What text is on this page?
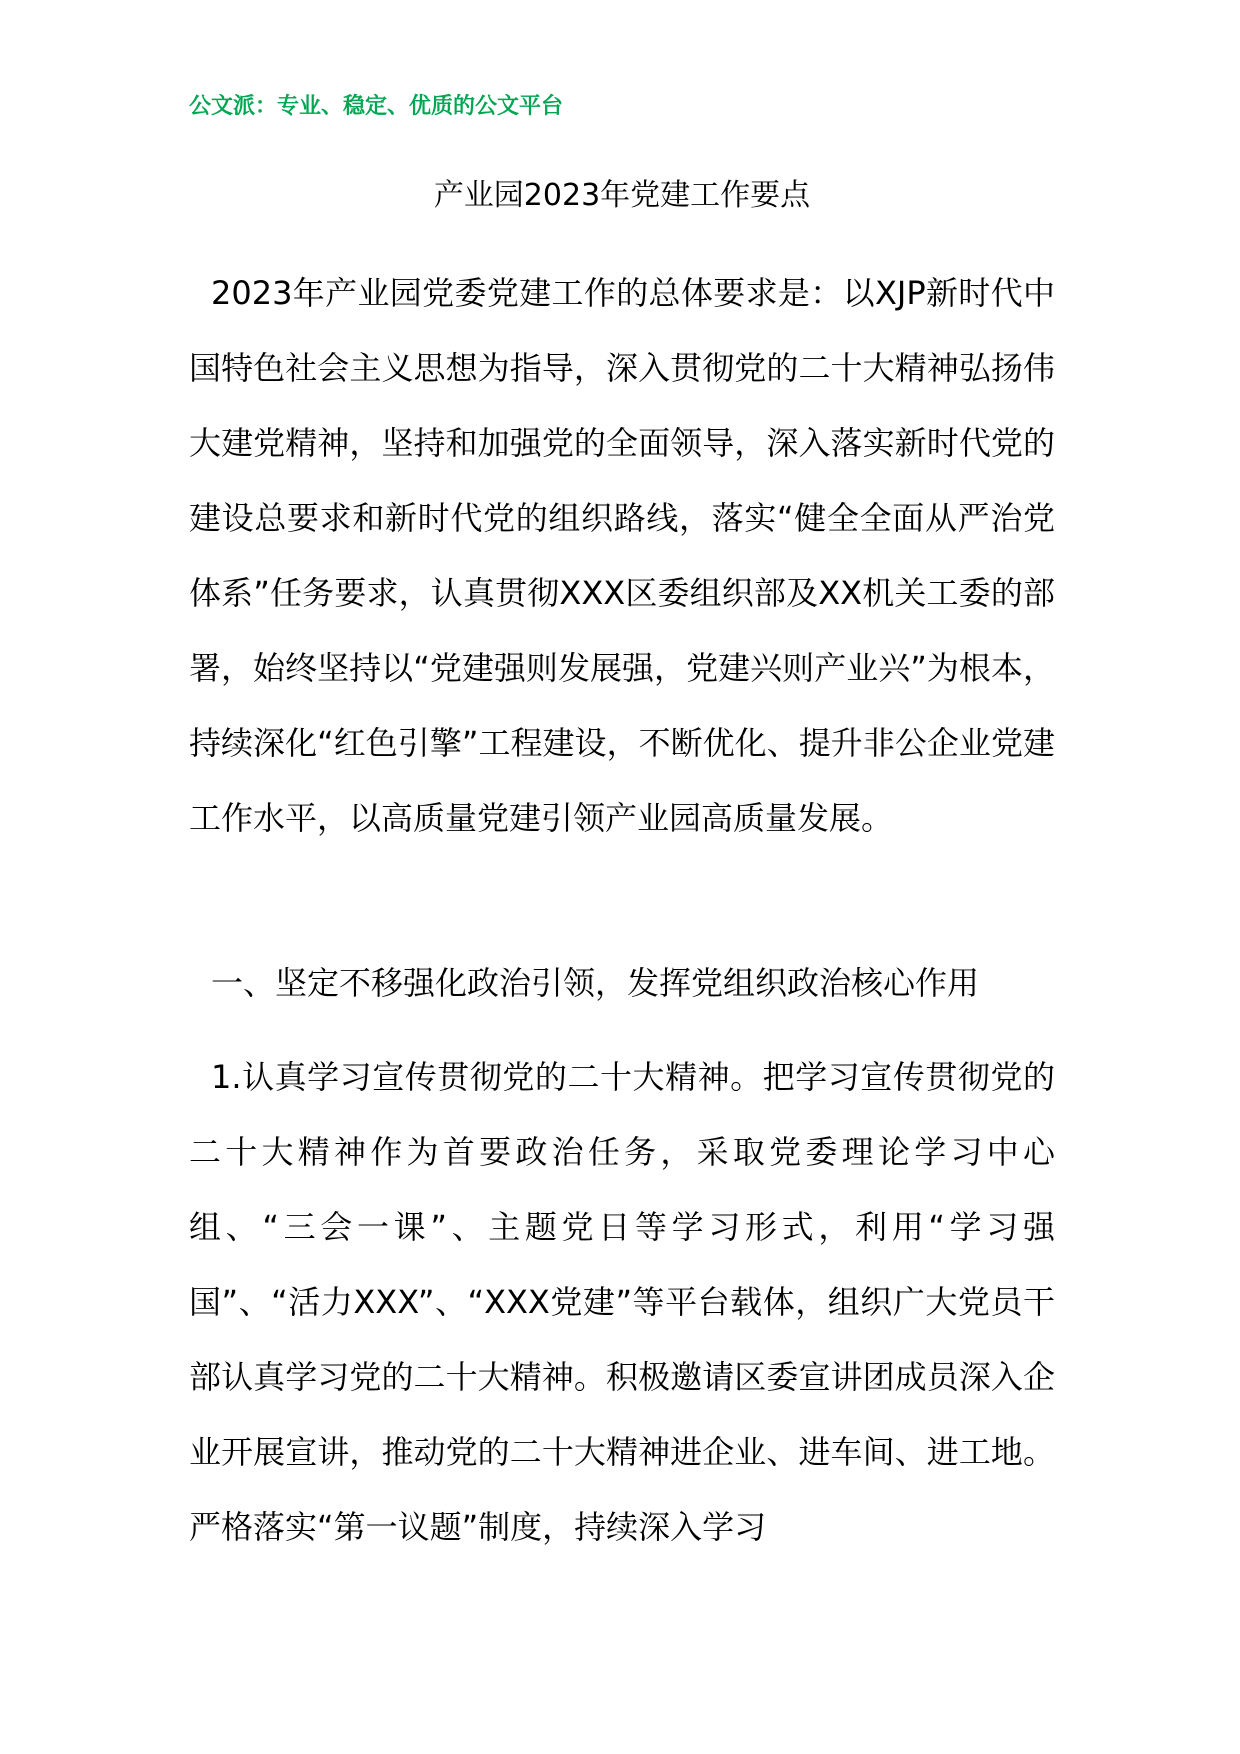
公文派：专业、稳定、优质的公文平台
产业园2023年党建工作要点
2023年产业园党委党建工作的总体要求是：以XJP新时代中国特色社会主义思想为指导，深入贯彻党的二十大精神弘扬伟大建党精神，坚持和加强党的全面领导，深入落实新时代党的建设总要求和新时代党的组织路线，落实“健全全面从严治党体系”任务要求，认真贯彻XXX区委组织部及XX机关工委的部署，始终坚持以“党建强则发展强，党建兴则产业兴”为根本，持续深化“红色引擎”工程建设，不断优化、提升非公企业党建工作水平，以高质量党建引领产业园高质量发展。
一、坚定不移强化政治引领，发挥党组织政治核心作用
1.认真学习宣传贯彻党的二十大精神。把学习宣传贯彻党的二十大精神作为首要政治任务，采取党委理论学习中心组、“三会一课”、主题党日等学习形式，利用“学习强国”、“活力XXX”、“XXX党建”等平台载体，组织广大党员干部认真学习党的二十大精神。积极邀请区委宣讲团成员深入企业开展宣讲，推动党的二十大精神进企业、进车间、进工地。严格落实“第一议题”制度，持续深入学习
